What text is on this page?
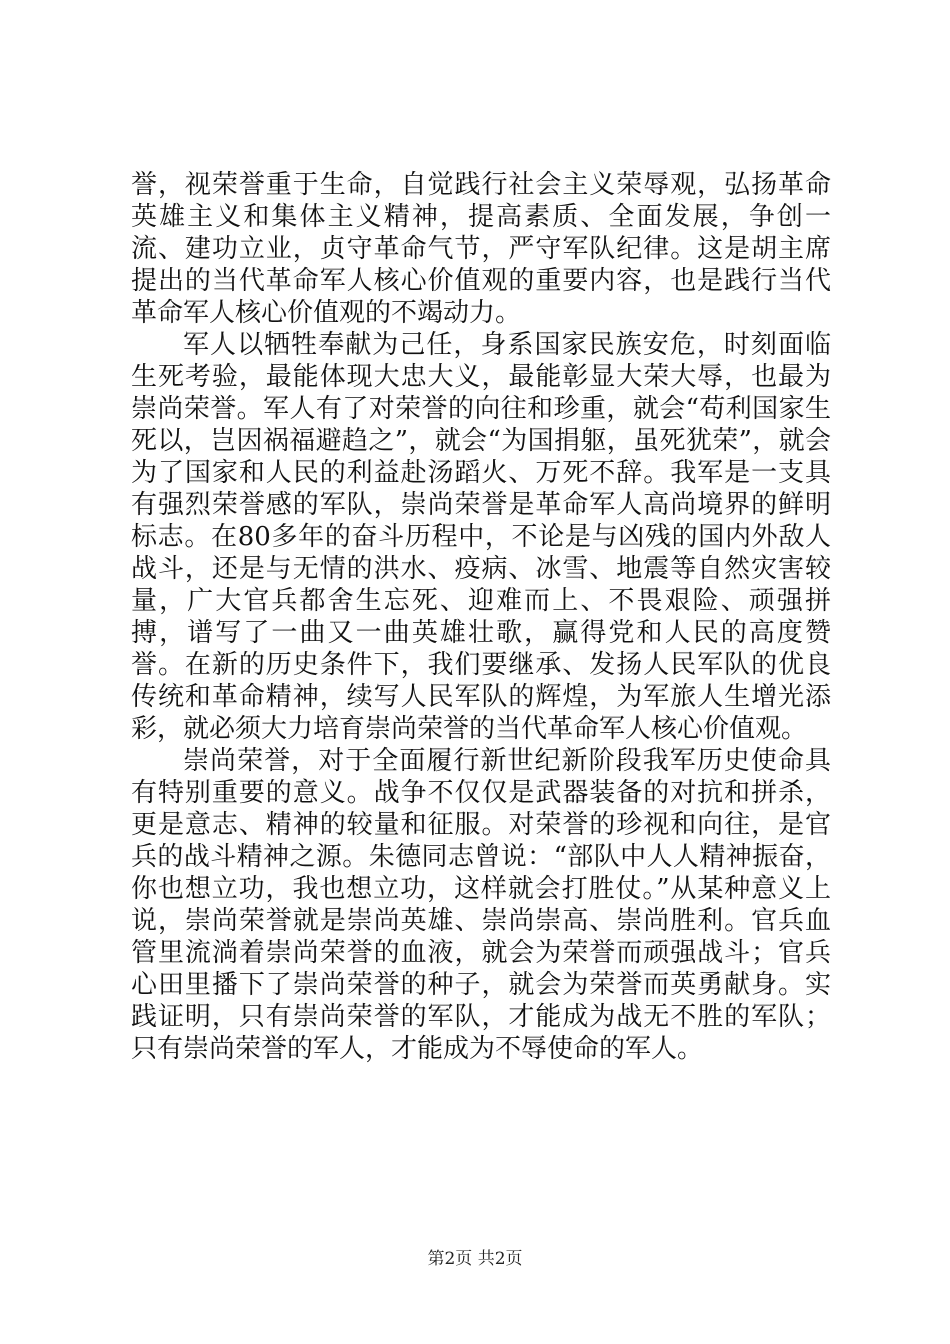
誉，视荣誉重于生命，自觉践行社会主义荣辱观，弘扬革命英雄主义和集体主义精神，提高素质、全面发展，争创一流、建功立业，贞守革命气节，严守军队纪律。这是胡主席提出的当代革命军人核心价值观的重要内容，也是践行当代革命军人核心价值观的不竭动力。

军人以牺牲奉献为己任，身系国家民族安危，时刻面临生死考验，最能体现大忠大义，最能彰显大荣大辱，也最为崇尚荣誉。军人有了对荣誉的向往和珍重，就会“苟利国家生死以，岂因祸福避趋之”，就会“为国捐躯，虽死犹荣”，就会为了国家和人民的利益赴汤蹈火、万死不辞。我军是一支具有强烈荣誉感的军队，崇尚荣誉是革命军人高尚境界的鲜明标志。在80多年的奋斗历程中，不论是与凶残的国内外敌人战斗，还是与无情的洪水、疫病、冰雪、地震等自然灾害较量，广大官兵都舍生忘死、迎难而上、不畏艰险、顽强拼搏，谱写了一曲又一曲英雄壮歌，赢得党和人民的高度赞誉。在新的历史条件下，我们要继承、发扬人民军队的优良传统和革命精神，续写人民军队的辉煌，为军旅人生增光添彩，就必须大力培育崇尚荣誉的当代革命军人核心价值观。

崇尚荣誉，对于全面履行新世纪新阶段我军历史使命具有特别重要的意义。战争不仅仅是武器装备的对抗和拼杀，更是意志、精神的较量和征服。对荣誉的珍视和向往，是官兵的战斗精神之源。朱德同志曾说：“部队中人人精神振奋，你也想立功，我也想立功，这样就会打胜仗。”从某种意义上说，崇尚荣誉就是崇尚英雄、崇尚崇高、崇尚胜利。官兵血管里流淌着崇尚荣誉的血液，就会为荣誉而顽强战斗；官兵心田里播下了崇尚荣誉的种子，就会为荣誉而英勇献身。实践证明，只有崇尚荣誉的军队，才能成为战无不胜的军队；只有崇尚荣誉的军人，才能成为不辱使命的军人。

第2页 共2页
